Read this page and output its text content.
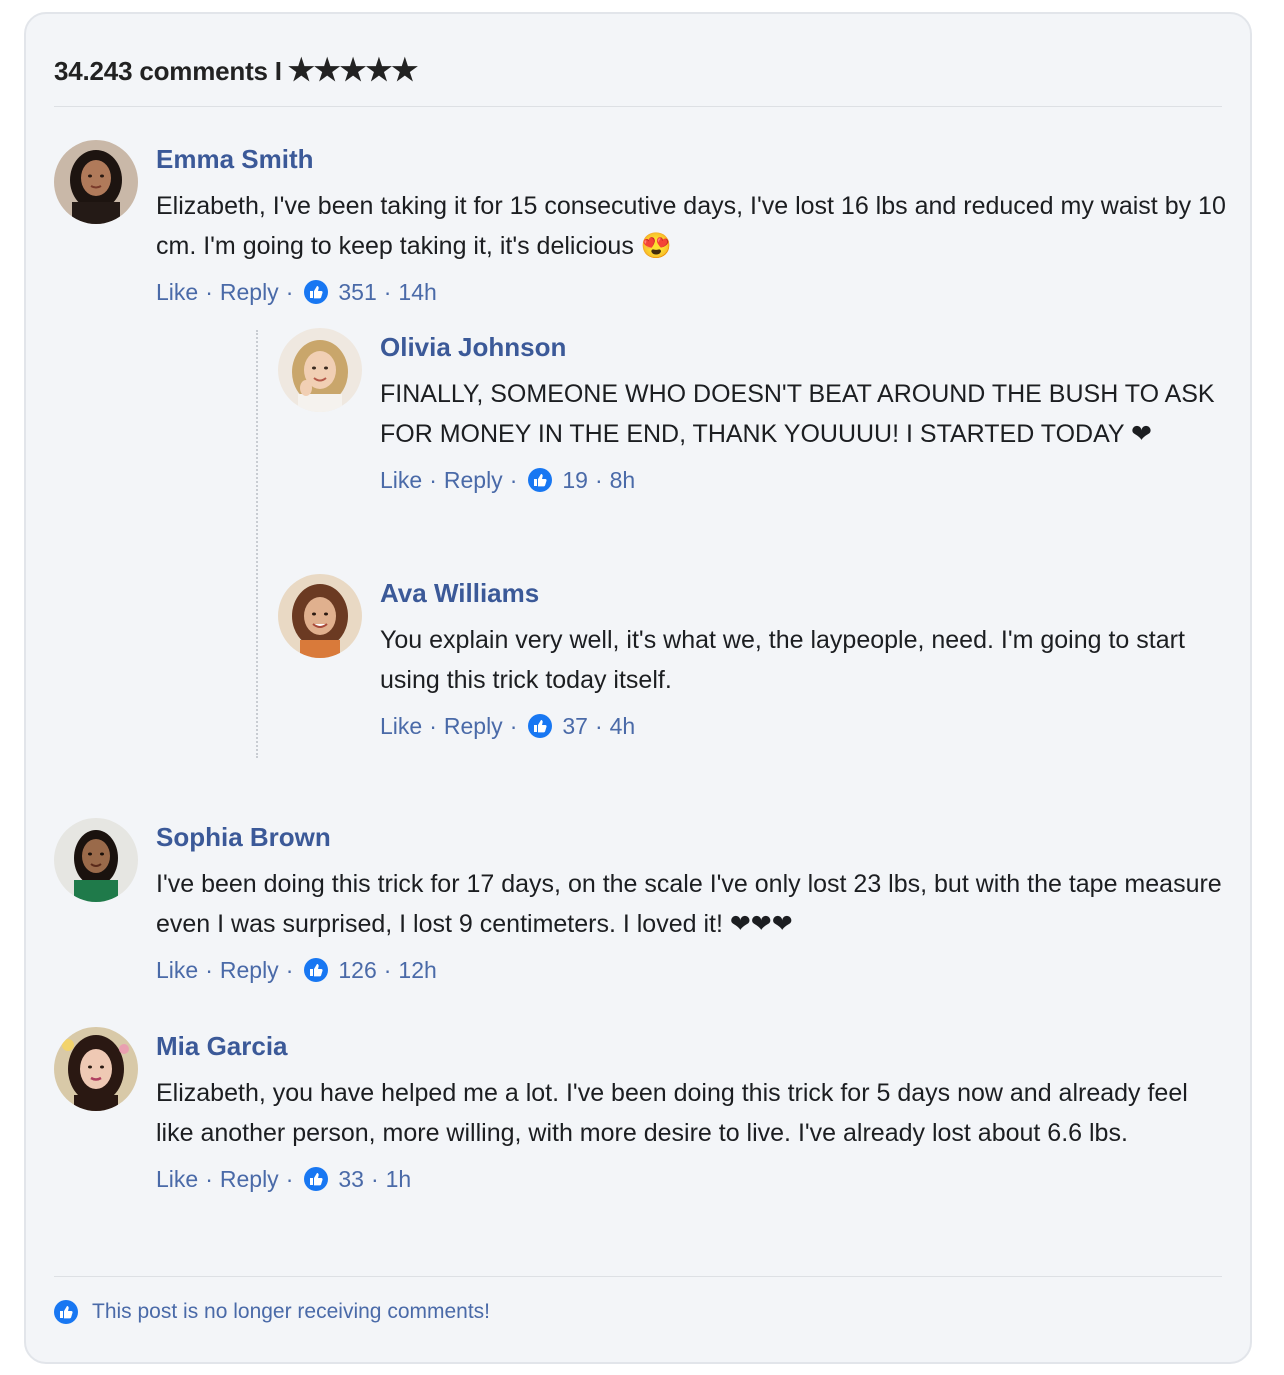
34.243 comments I ★★★★★
Emma Smith
Elizabeth, I've been taking it for 15 consecutive days, I've lost 16 lbs and reduced my waist by 10 cm. I'm going to keep taking it, it's delicious 😍
Like · Reply · 351 · 14h
Olivia Johnson
FINALLY, SOMEONE WHO DOESN'T BEAT AROUND THE BUSH TO ASK FOR MONEY IN THE END, THANK YOUUUU! I STARTED TODAY ❤
Like · Reply · 19 · 8h
Ava Williams
You explain very well, it's what we, the laypeople, need. I'm going to start using this trick today itself.
Like · Reply · 37 · 4h
Sophia Brown
I've been doing this trick for 17 days, on the scale I've only lost 23 lbs, but with the tape measure even I was surprised, I lost 9 centimeters. I loved it! ❤❤❤
Like · Reply · 126 · 12h
Mia Garcia
Elizabeth, you have helped me a lot. I've been doing this trick for 5 days now and already feel like another person, more willing, with more desire to live. I've already lost about 6.6 lbs.
Like · Reply · 33 · 1h
This post is no longer receiving comments!
